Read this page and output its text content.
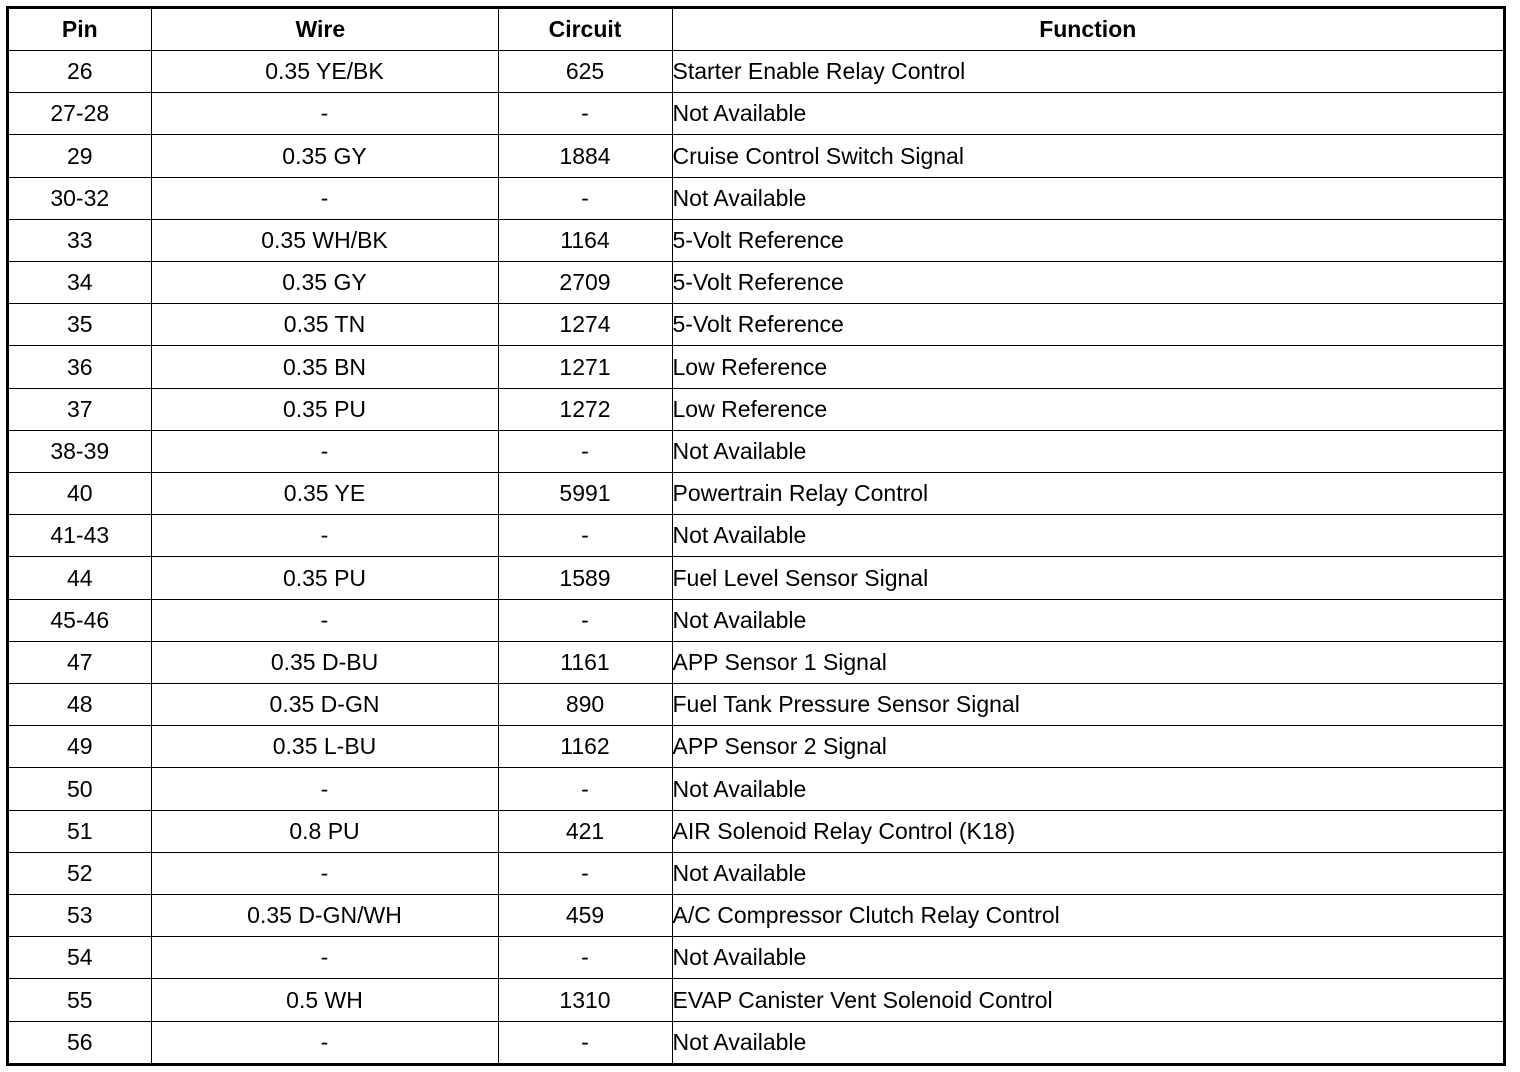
Pin	Wire	Circuit	Function
26	0.35 YE/BK	625	Starter Enable Relay Control
27-28	-	-	Not Available
29	0.35 GY	1884	Cruise Control Switch Signal
30-32	-	-	Not Available
33	0.35 WH/BK	1164	5-Volt Reference
34	0.35 GY	2709	5-Volt Reference
35	0.35 TN	1274	5-Volt Reference
36	0.35 BN	1271	Low Reference
37	0.35 PU	1272	Low Reference
38-39	-	-	Not Available
40	0.35 YE	5991	Powertrain Relay Control
41-43	-	-	Not Available
44	0.35 PU	1589	Fuel Level Sensor Signal
45-46	-	-	Not Available
47	0.35 D-BU	1161	APP Sensor 1 Signal
48	0.35 D-GN	890	Fuel Tank Pressure Sensor Signal
49	0.35 L-BU	1162	APP Sensor 2 Signal
50	-	-	Not Available
51	0.8 PU	421	AIR Solenoid Relay Control (K18)
52	-	-	Not Available
53	0.35 D-GN/WH	459	A/C Compressor Clutch Relay Control
54	-	-	Not Available
55	0.5 WH	1310	EVAP Canister Vent Solenoid Control
56	-	-	Not Available
